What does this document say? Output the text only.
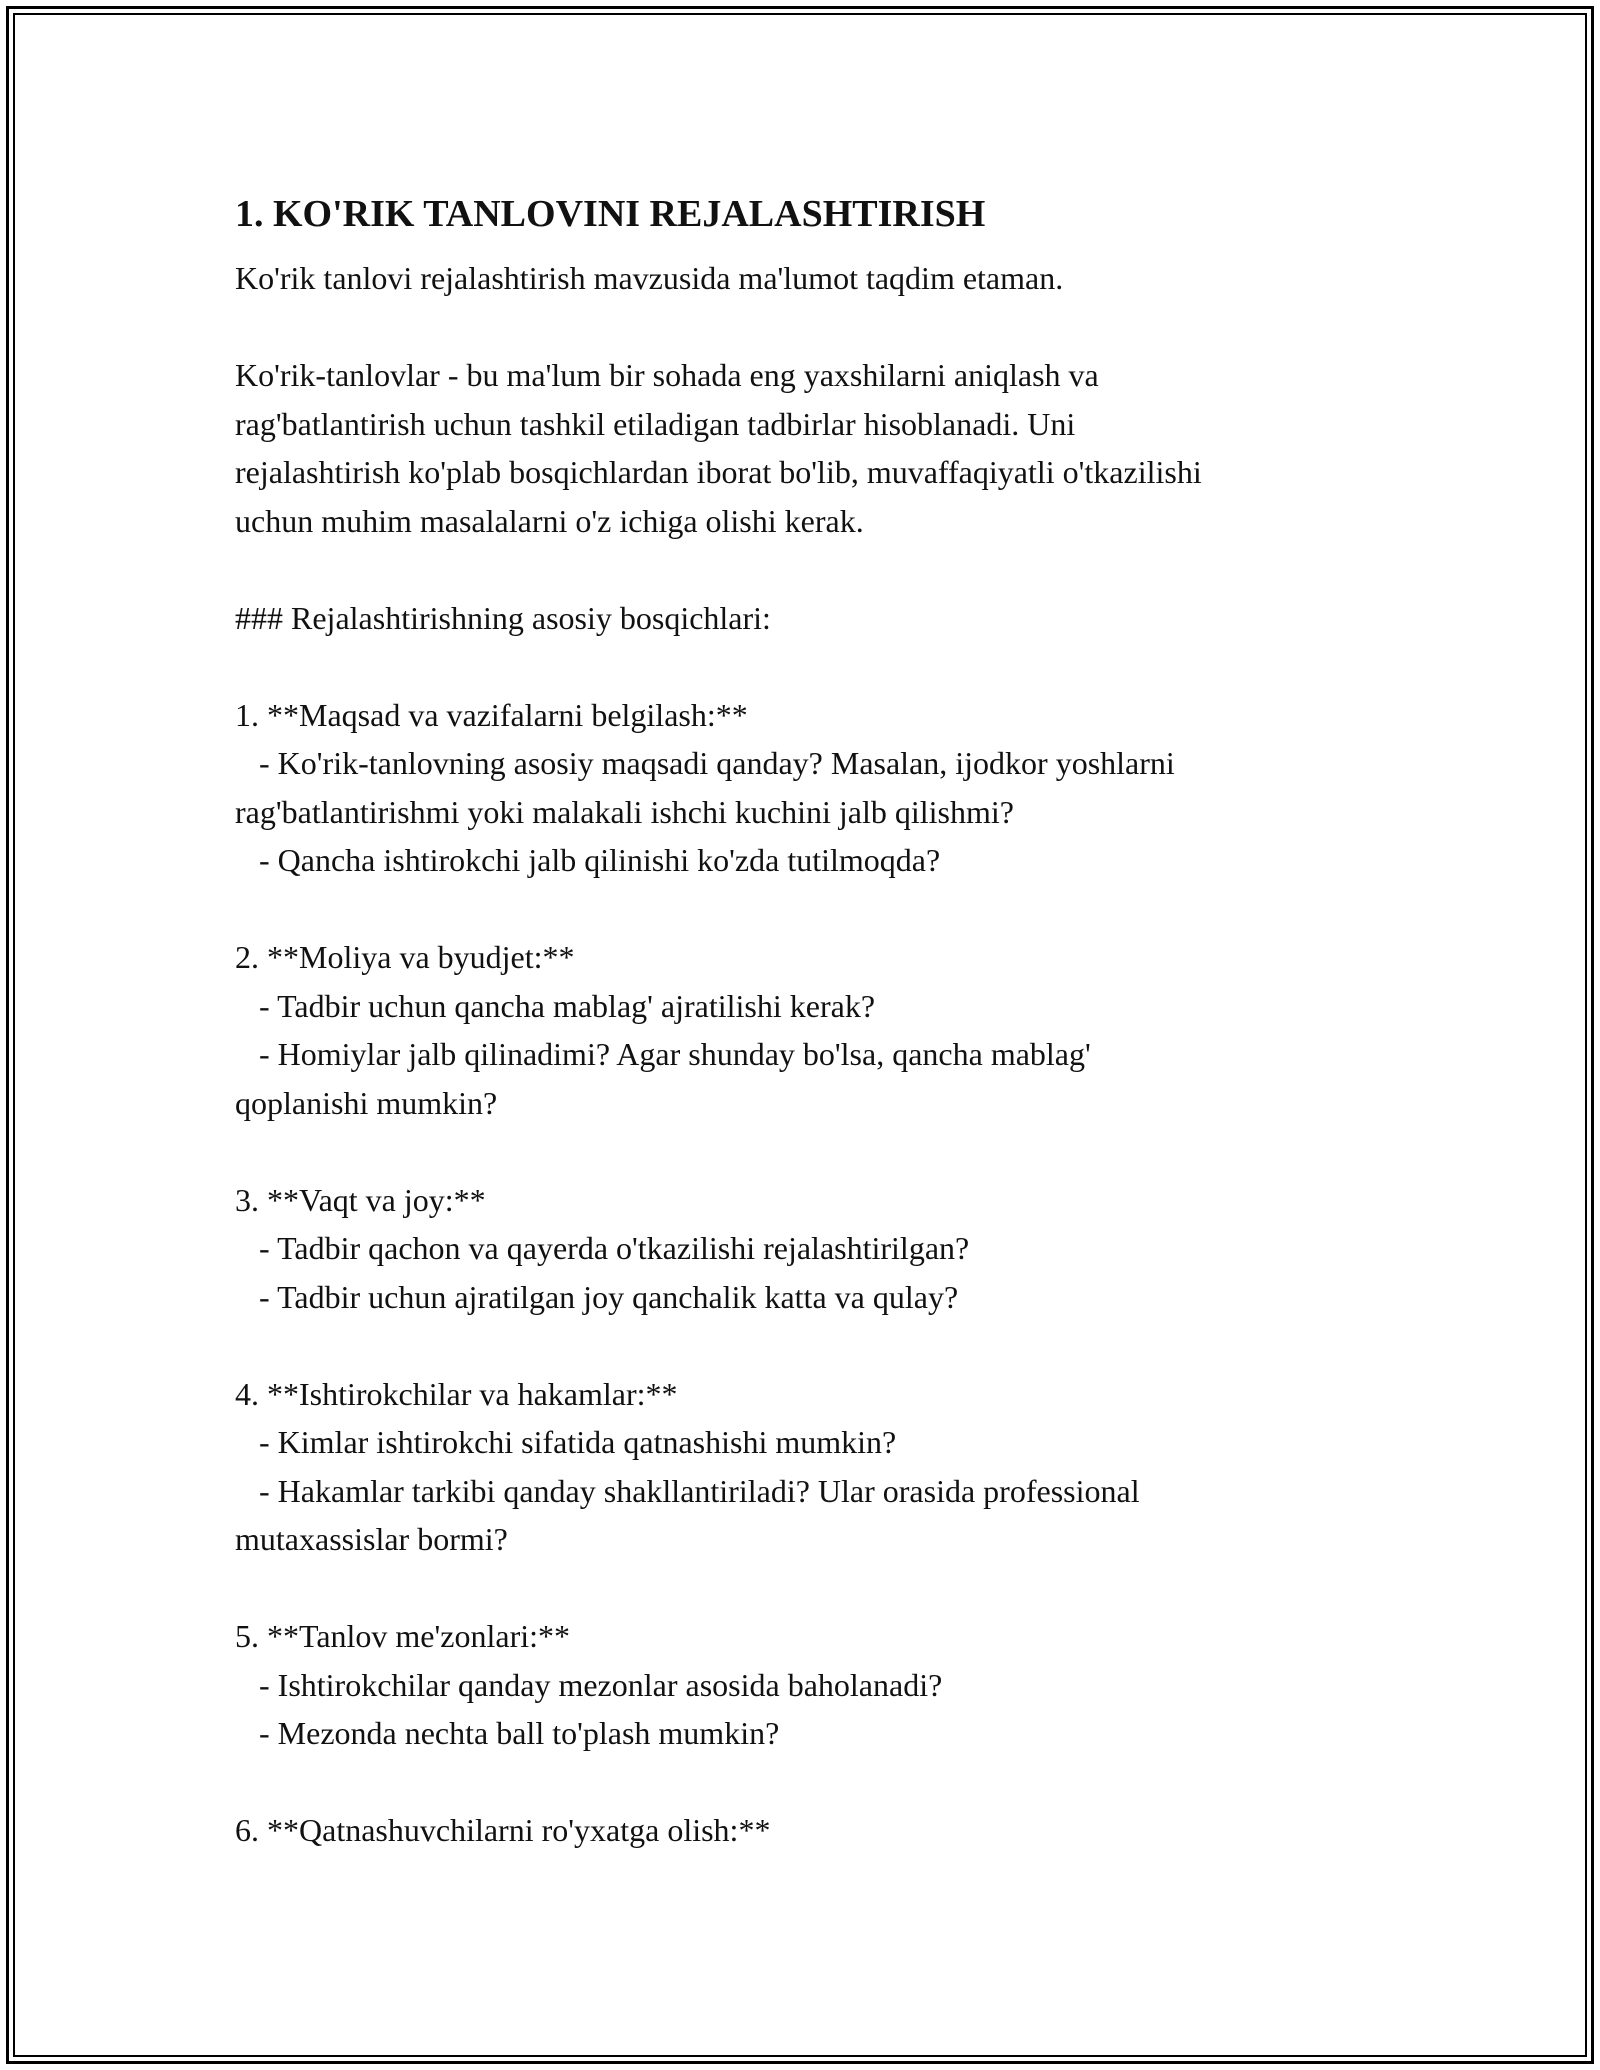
1. KO'RIK TANLOVINI REJALASHTIRISH
Ko'rik tanlovi rejalashtirish mavzusida ma'lumot taqdim etaman.
Ko'rik-tanlovlar - bu ma'lum bir sohada eng yaxshilarni aniqlash va
rag'batlantirish uchun tashkil etiladigan tadbirlar hisoblanadi. Uni
rejalashtirish ko'plab bosqichlardan iborat bo'lib, muvaffaqiyatli o'tkazilishi
uchun muhim masalalarni o'z ichiga olishi kerak.
### Rejalashtirishning asosiy bosqichlari:
1. **Maqsad va vazifalarni belgilash:**
- Ko'rik-tanlovning asosiy maqsadi qanday? Masalan, ijodkor yoshlarni
rag'batlantirishmi yoki malakali ishchi kuchini jalb qilishmi?
- Qancha ishtirokchi jalb qilinishi ko'zda tutilmoqda?
2. **Moliya va byudjet:**
- Tadbir uchun qancha mablag' ajratilishi kerak?
- Homiylar jalb qilinadimi? Agar shunday bo'lsa, qancha mablag'
qoplanishi mumkin?
3. **Vaqt va joy:**
- Tadbir qachon va qayerda o'tkazilishi rejalashtirilgan?
- Tadbir uchun ajratilgan joy qanchalik katta va qulay?
4. **Ishtirokchilar va hakamlar:**
- Kimlar ishtirokchi sifatida qatnashishi mumkin?
- Hakamlar tarkibi qanday shakllantiriladi? Ular orasida professional
mutaxassislar bormi?
5. **Tanlov me'zonlari:**
- Ishtirokchilar qanday mezonlar asosida baholanadi?
- Mezonda nechta ball to'plash mumkin?
6. **Qatnashuvchilarni ro'yxatga olish:**
